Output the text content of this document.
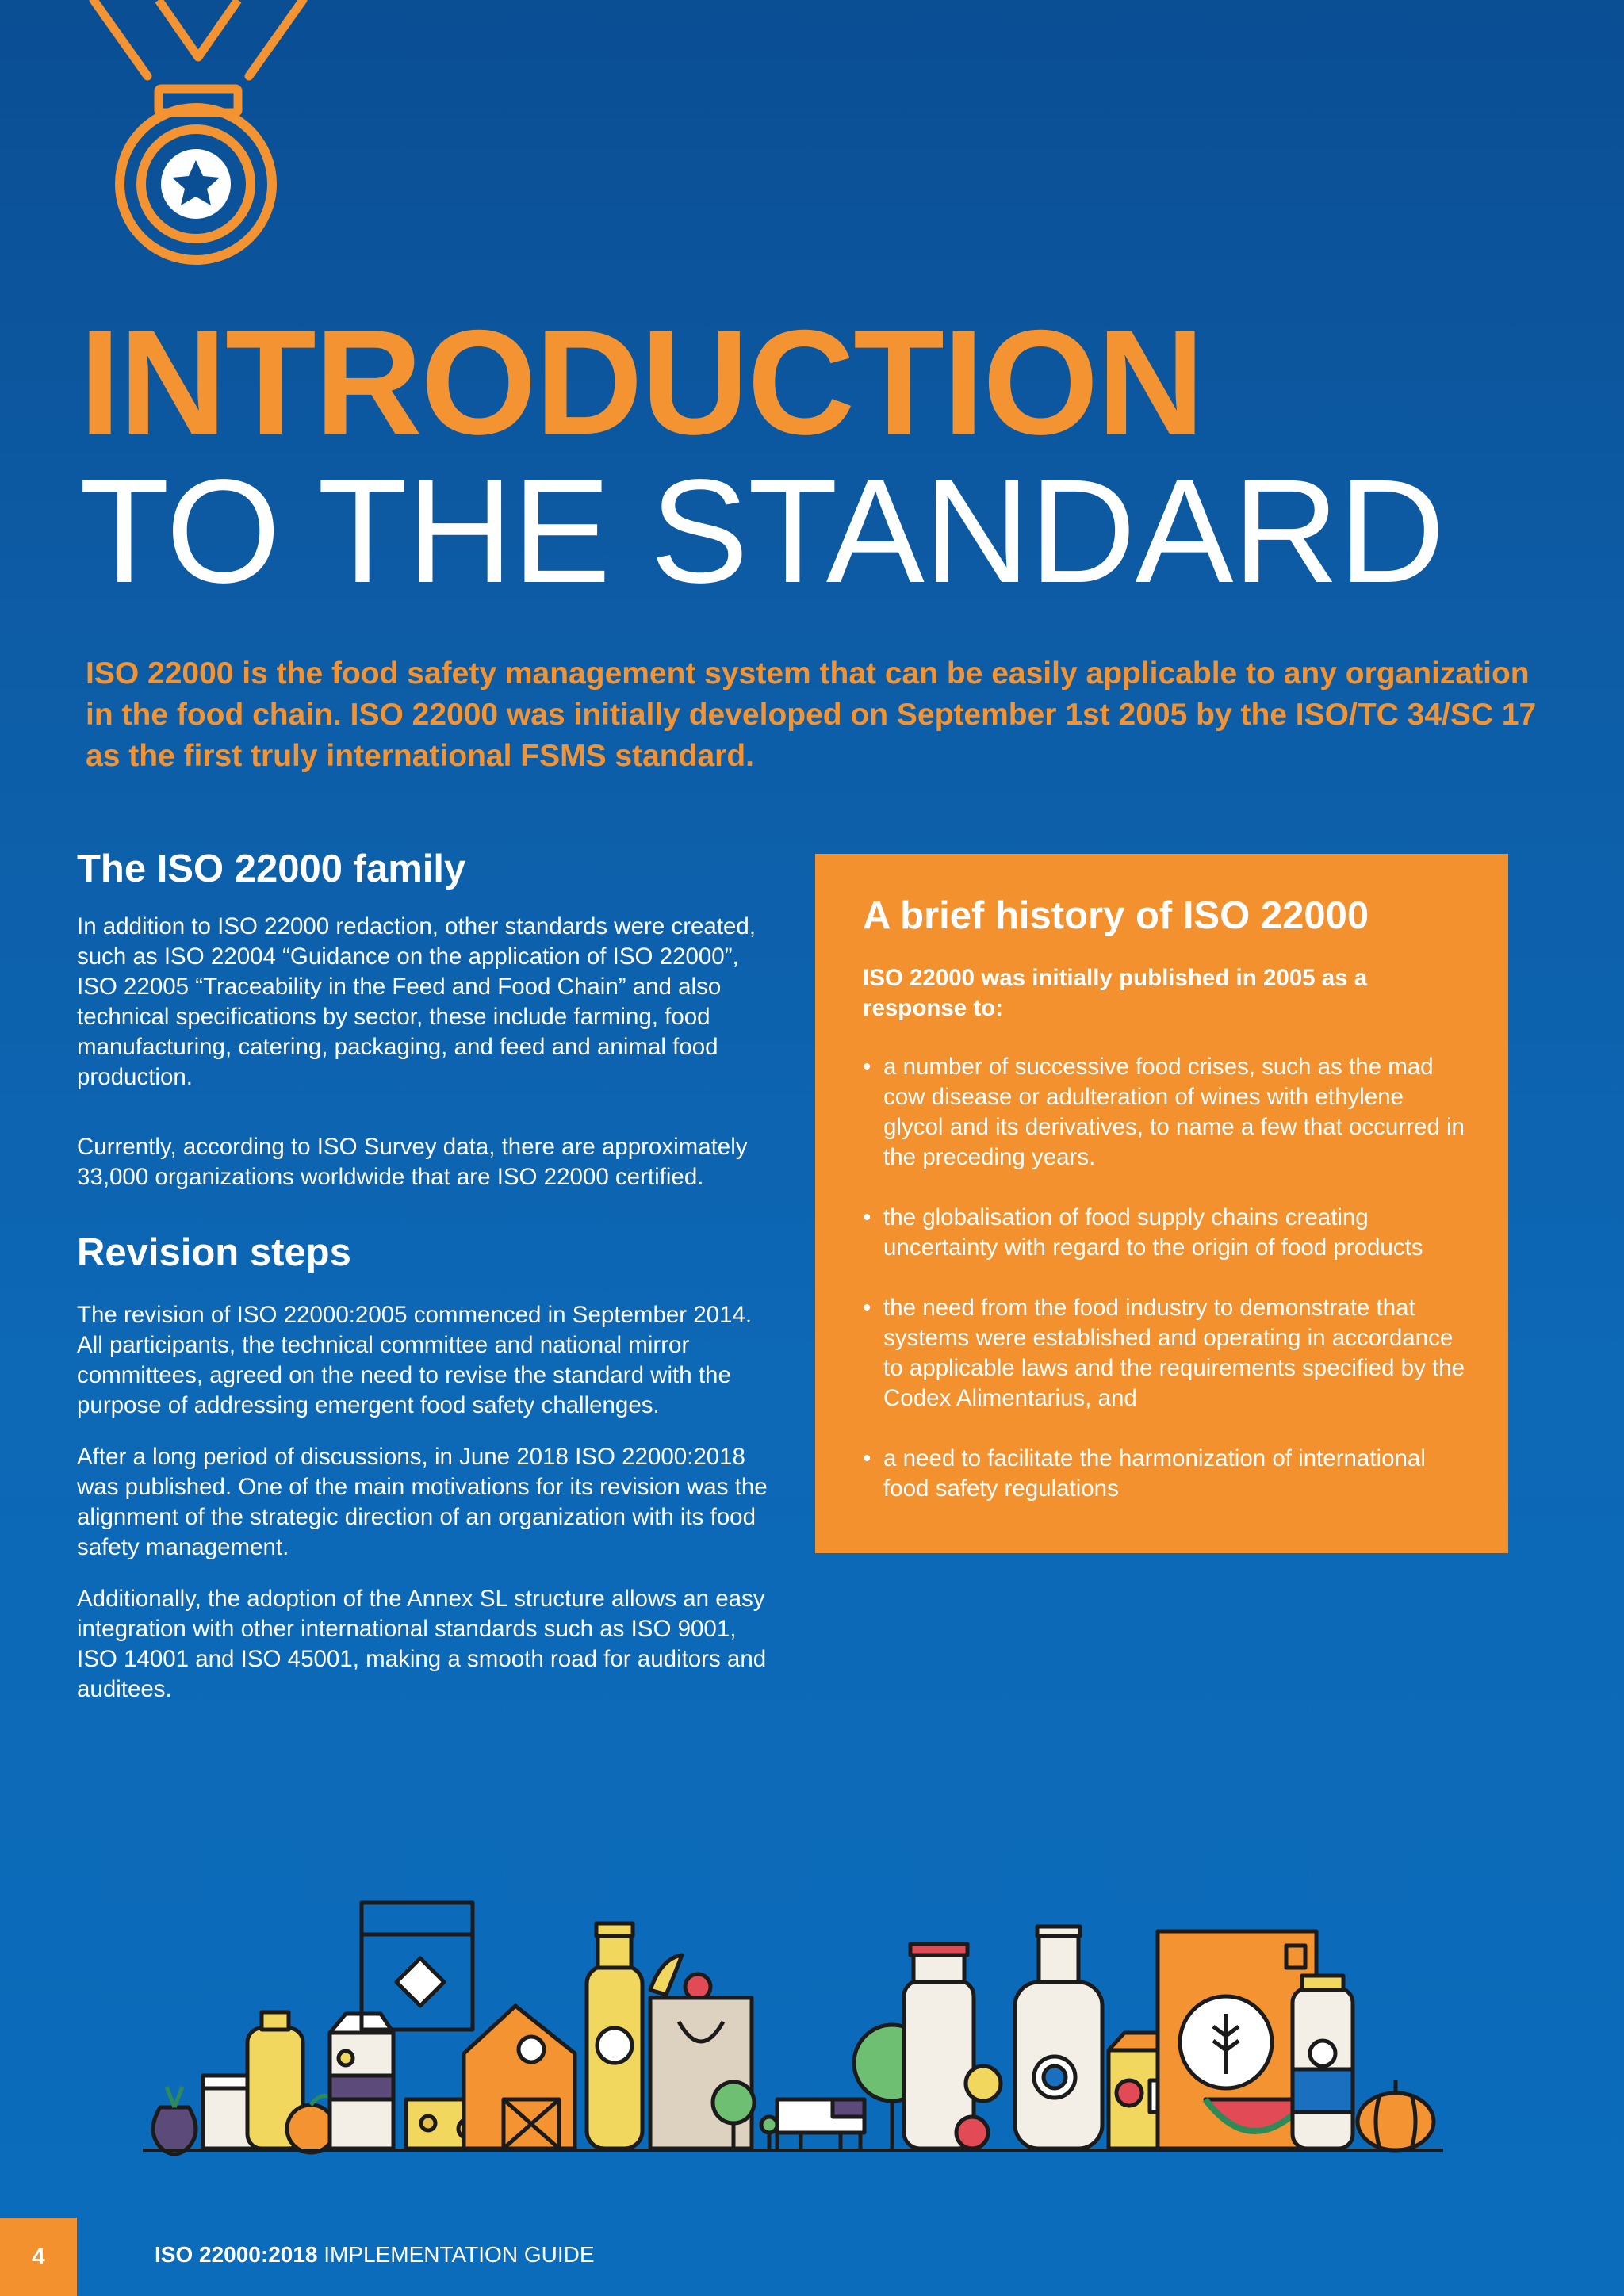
INTRODUCTION
TO THE STANDARD
ISO 22000 is the food safety management system that can be easily applicable to any organization in the food chain. ISO 22000 was initially developed on September 1st 2005 by the ISO/TC 34/SC 17 as the first truly international FSMS standard.
The ISO 22000 family

In addition to ISO 22000 redaction, other standards were created, such as ISO 22004 “Guidance on the application of ISO 22000”, ISO 22005 “Traceability in the Feed and Food Chain” and also technical specifications by sector, these include farming, food manufacturing, catering, packaging, and feed and animal food production.

Currently, according to ISO Survey data, there are approximately 33,000 organizations worldwide that are ISO 22000 certified.

Revision steps

The revision of ISO 22000:2005 commenced in September 2014. All participants, the technical committee and national mirror committees, agreed on the need to revise the standard with the purpose of addressing emergent food safety challenges.

After a long period of discussions, in June 2018 ISO 22000:2018 was published. One of the main motivations for its revision was the alignment of the strategic direction of an organization with its food safety management.

Additionally, the adoption of the Annex SL structure allows an easy integration with other international standards such as ISO 9001, ISO 14001 and ISO 45001, making a smooth road for auditors and auditees.

A brief history of ISO 22000

ISO 22000 was initially published in 2005 as a response to:

• a number of successive food crises, such as the mad cow disease or adulteration of wines with ethylene glycol and its derivatives, to name a few that occurred in the preceding years.
• the globalisation of food supply chains creating uncertainty with regard to the origin of food products
• the need from the food industry to demonstrate that systems were established and operating in accordance to applicable laws and the requirements specified by the Codex Alimentarius, and
• a need to facilitate the harmonization of international food safety regulations
4	ISO 22000:2018 IMPLEMENTATION GUIDE
